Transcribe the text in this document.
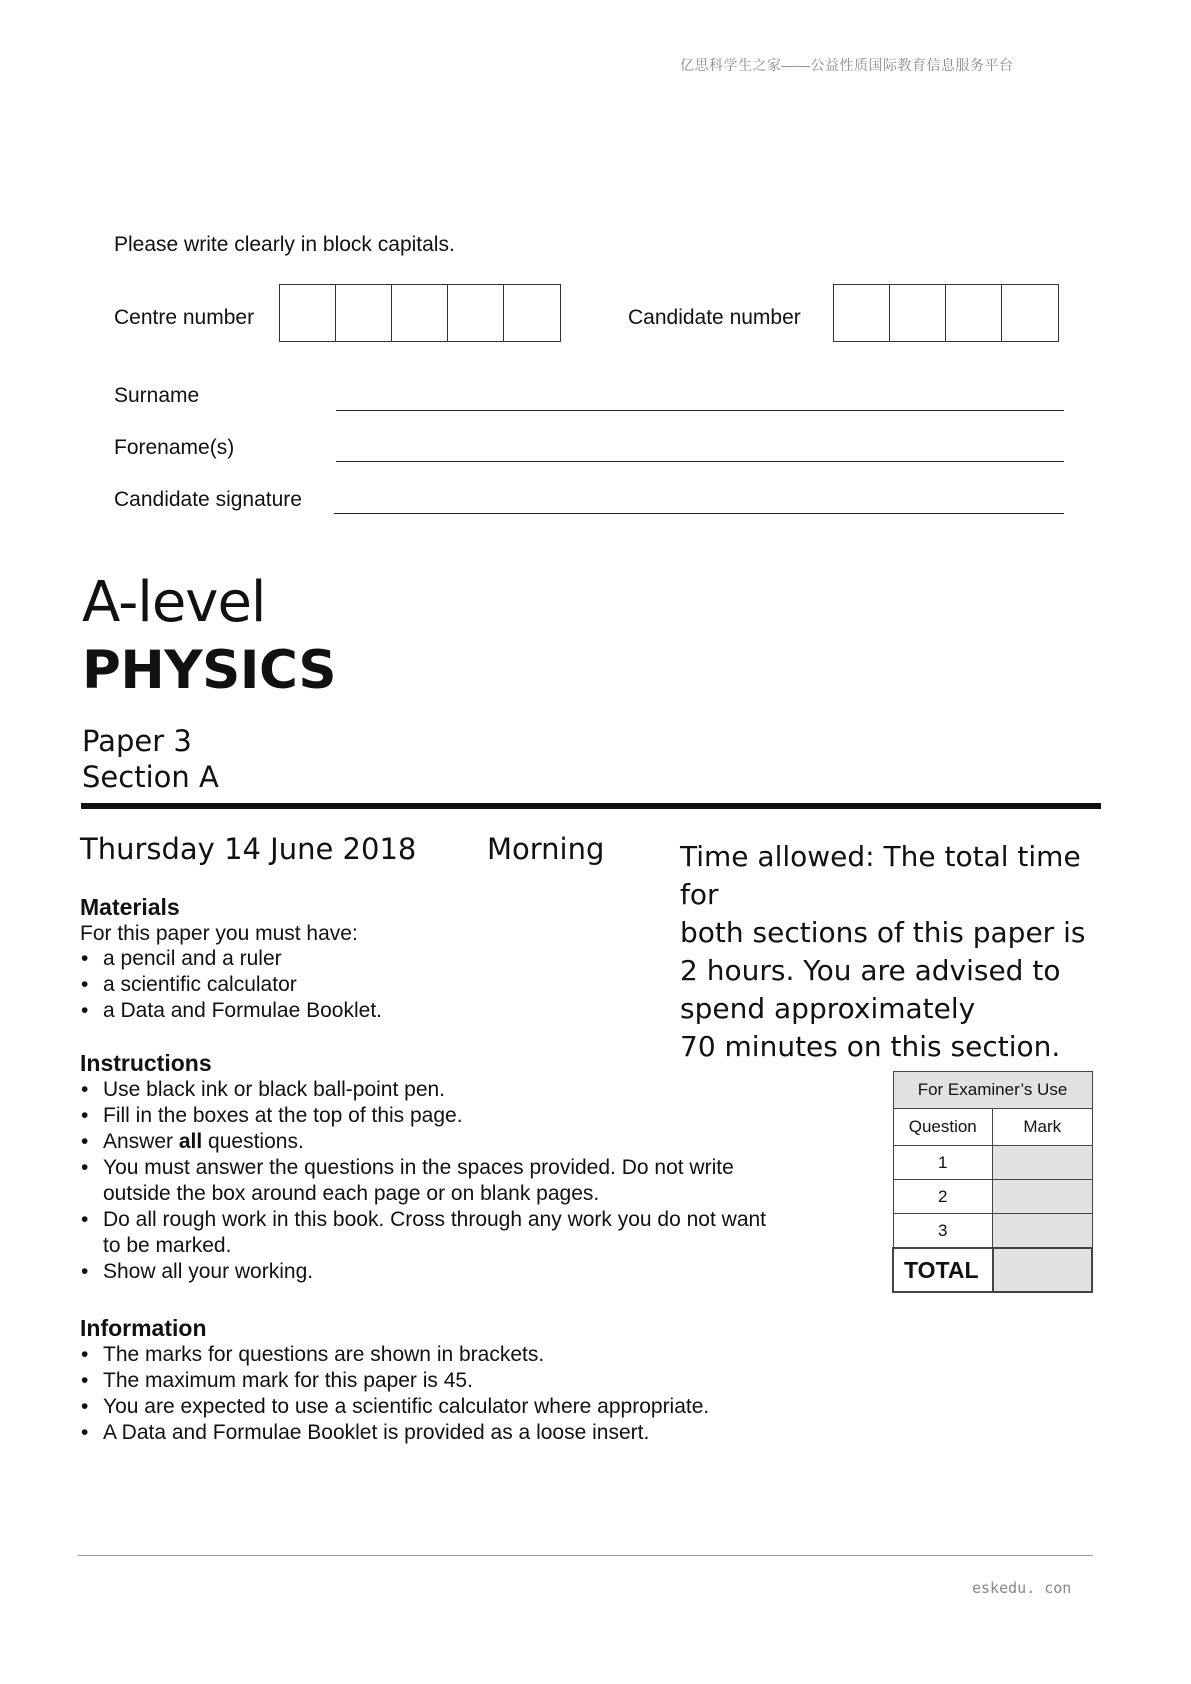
亿思科学生之家——公益性质国际教育信息服务平台
Please write clearly in block capitals.
Centre number	Candidate number
Surname
Forename(s)
Candidate signature
A-level
PHYSICS
Paper 3
Section A
Thursday 14 June 2018 Morning	Time allowed: The total time for
both sections of this paper is
2 hours. You are advised to
spend approximately
70 minutes on this section.
Materials
For this paper you must have:
• a pencil and a ruler
• a scientific calculator
• a Data and Formulae Booklet.
Instructions
• Use black ink or black ball-point pen.
• Fill in the boxes at the top of this page.
• Answer all questions.
• You must answer the questions in the spaces provided. Do not write
outside the box around each page or on blank pages.
• Do all rough work in this book. Cross through any work you do not want
to be marked.
• Show all your working.
Information
• The marks for questions are shown in brackets.
• The maximum mark for this paper is 45.
• You are expected to use a scientific calculator where appropriate.
• A Data and Formulae Booklet is provided as a loose insert.
For Examiner’s Use	
Question	Mark
1	
2	
3	
TOTAL	
eskedu. con
